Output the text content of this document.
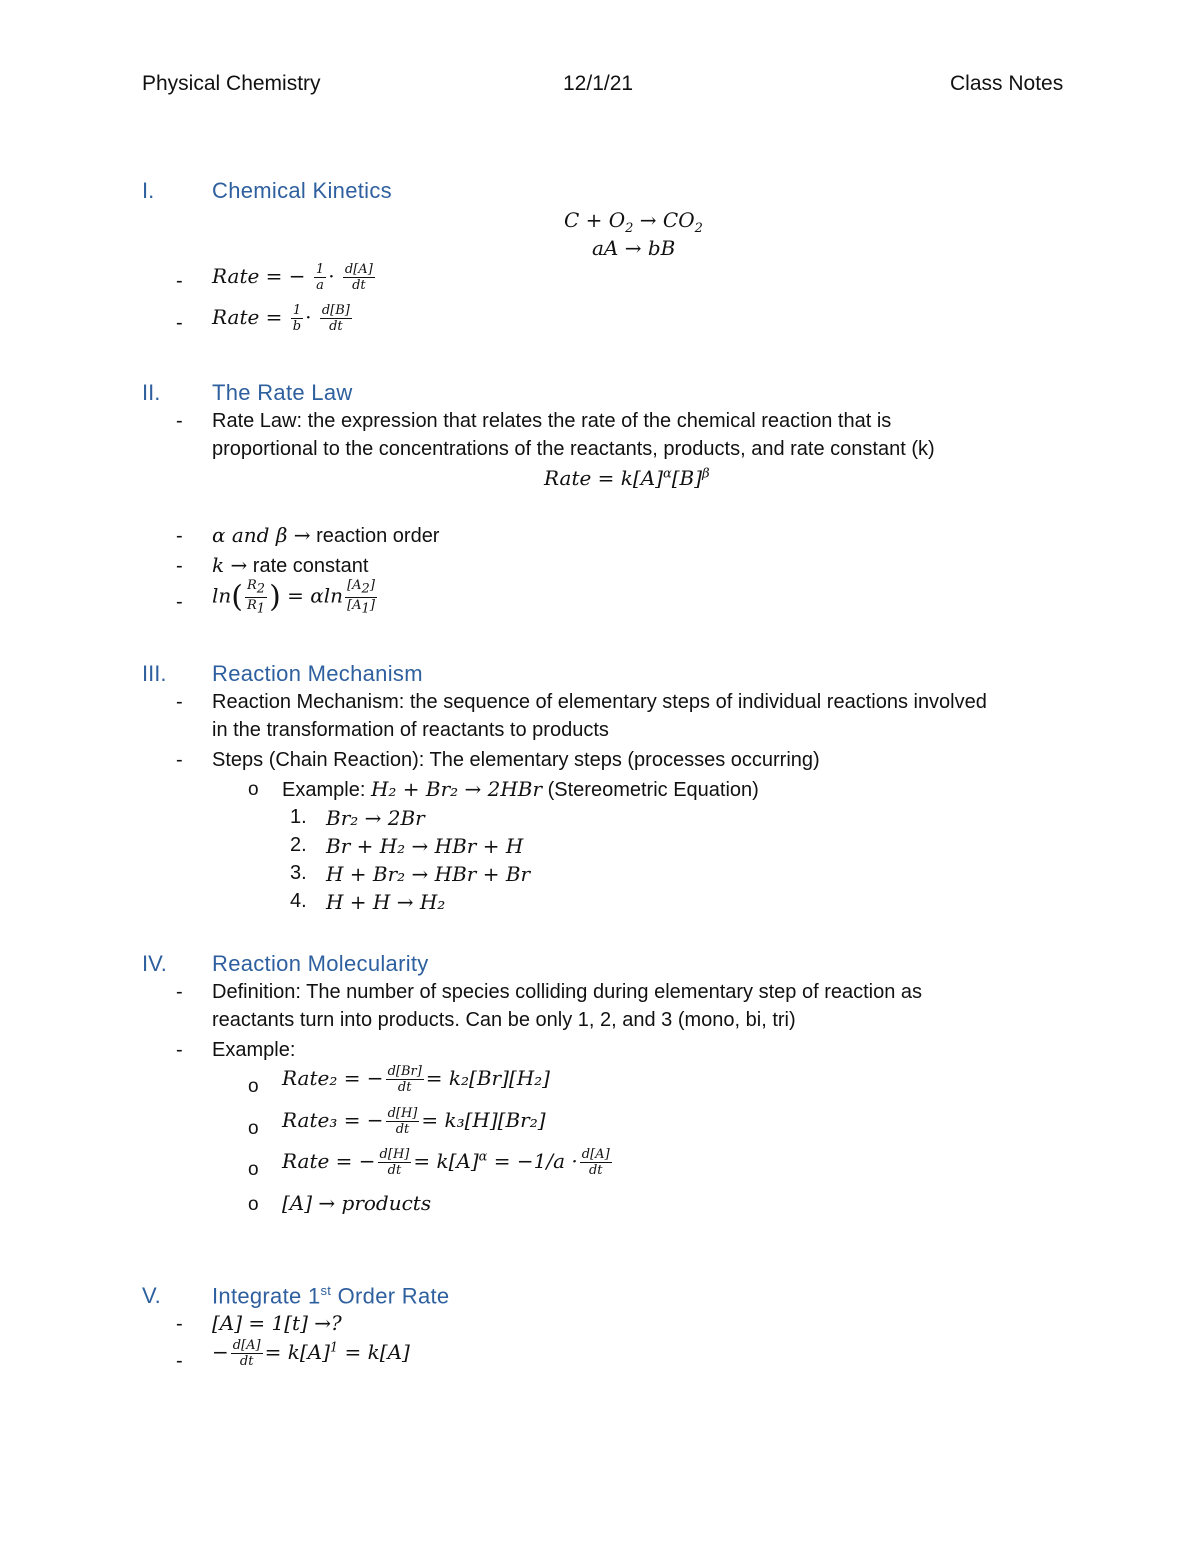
Physical Chemistry	12/1/21	Class Notes
I.	Chemical Kinetics
$C + O_2 \to CO_2$
aA → bB
- Rate = − $\frac{1}{a} \cdot \frac{d[A]}{dt}$
- Rate = $\frac{1}{b} \cdot \frac{d[B]}{dt}$
II. The Rate Law
- Rate Law: the expression that relates the rate of the chemical reaction that is
proportional to the concentrations of the reactants, products, and rate constant (k)
Rate = $k[A]^\alpha[B]^\beta$
- α and β → reaction order
- k → rate constant
- $\ln( \frac{R_2}{R_1}$ ) = αln $\frac{[A_2]}{[A_1]}$
III. Reaction Mechanism
- Reaction Mechanism: the sequence of elementary steps of individual reactions involved
in the transformation of reactants to products
- Steps (Chain Reaction): The elementary steps (processes occurring)
o Example: H₂ + Br₂ → 2HBr (Stereometric Equation)
1. Br₂ → 2Br
2. Br + H₂ → HBr + H
3. H + Br₂ → HBr + Br
4. H + H → H₂
IV. Reaction Molecularity
- Definition: The number of species colliding during elementary step of reaction as
reactants turn into products. Can be only 1, 2, and 3 (mono, bi, tri)
- Example:
o Rate₂ = − $\frac{d[Br]}{dt} = k_2[Br][H_2]$
o Rate₃ = − $\frac{d[H]}{dt} = k_3[H][Br_2]$
o Rate = − $\frac{d[H]}{dt} = k[A]^\alpha = -1/a \cdot \frac{d[A]}{dt}$
o [A] → products
V. Integrate 1st Order Rate
- [A] = 1[t] →?
- − $\frac{d[A]}{dt} = k[A]^1 = k[A]$
